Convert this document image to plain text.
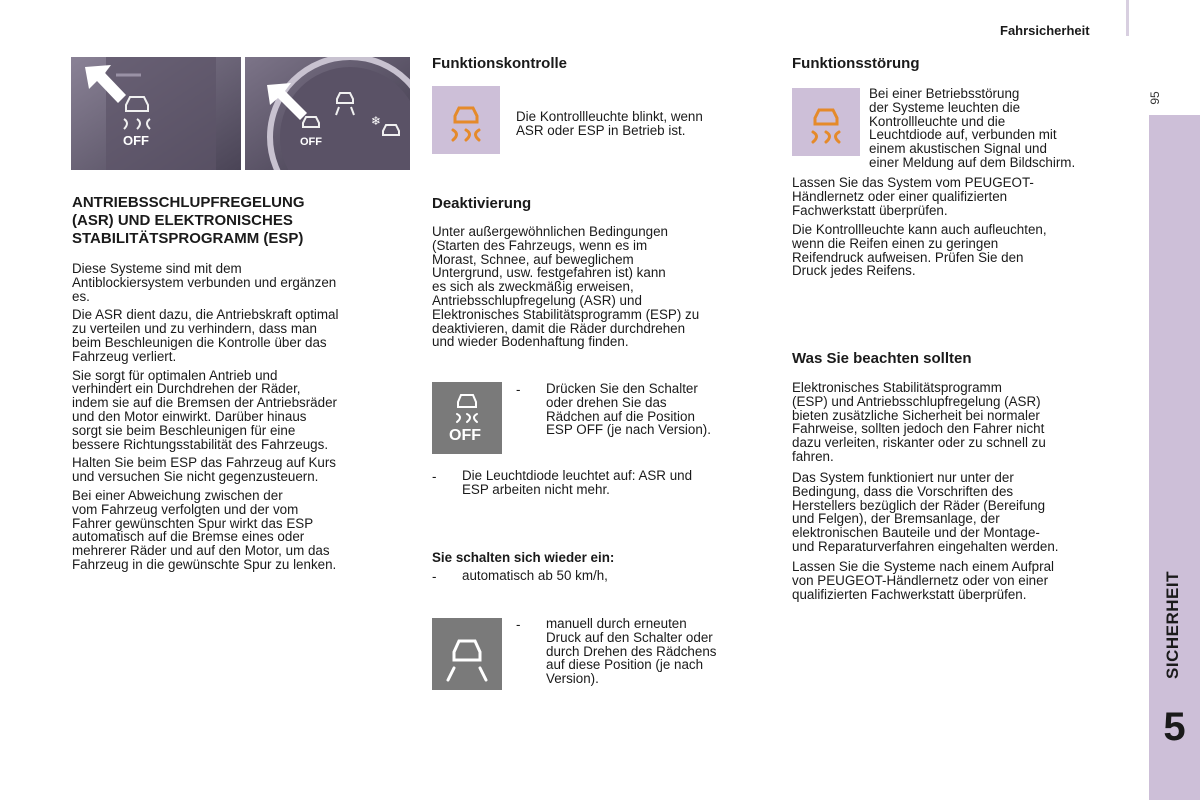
Fahrsicherheit
95
SICHERHEIT
5
OFF	OFF
❄
ANTRIEBSSCHLUPFREGELUNG
(ASR) UND ELEKTRONISCHES
STABILITÄTSPROGRAMM (ESP)
Diese Systeme sind mit dem
Antiblockiersystem verbunden und ergänzen
es.
Die ASR dient dazu, die Antriebskraft optimal
zu verteilen und zu verhindern, dass man
beim Beschleunigen die Kontrolle über das
Fahrzeug verliert.
Sie sorgt für optimalen Antrieb und
verhindert ein Durchdrehen der Räder,
indem sie auf die Bremsen der Antriebsräder
und den Motor einwirkt. Darüber hinaus
sorgt sie beim Beschleunigen für eine
bessere Richtungsstabilität des Fahrzeugs.
Halten Sie beim ESP das Fahrzeug auf Kurs
und versuchen Sie nicht gegenzusteuern.
Bei einer Abweichung zwischen der
vom Fahrzeug verfolgten und der vom
Fahrer gewünschten Spur wirkt das ESP
automatisch auf die Bremse eines oder
mehrerer Räder und auf den Motor, um das
Fahrzeug in die gewünschte Spur zu lenken.
Funktionskontrolle
Die Kontrollleuchte blinkt, wenn
ASR oder ESP in Betrieb ist.
Deaktivierung
Unter außergewöhnlichen Bedingungen
(Starten des Fahrzeugs, wenn es im
Morast, Schnee, auf beweglichem
Untergrund, usw. festgefahren ist) kann
es sich als zweckmäßig erweisen,
Antriebsschlupfregelung (ASR) und
Elektronisches Stabilitätsprogramm (ESP) zu
deaktivieren, damit die Räder durchdrehen
und wieder Bodenhaftung finden.
OFF
- Drücken Sie den Schalter
oder drehen Sie das
Rädchen auf die Position
ESP OFF (je nach Version).
- Die Leuchtdiode leuchtet auf: ASR und
ESP arbeiten nicht mehr.
Sie schalten sich wieder ein:
- automatisch ab 50 km/h,
- manuell durch erneuten
Druck auf den Schalter oder
durch Drehen des Rädchens
auf diese Position (je nach
Version).
Funktionsstörung
Bei einer Betriebsstörung
der Systeme leuchten die
Kontrollleuchte und die
Leuchtdiode auf, verbunden mit
einem akustischen Signal und
einer Meldung auf dem Bildschirm.
Lassen Sie das System vom PEUGEOT-
Händlernetz oder einer qualifizierten
Fachwerkstatt überprüfen.
Die Kontrollleuchte kann auch aufleuchten,
wenn die Reifen einen zu geringen
Reifendruck aufweisen. Prüfen Sie den
Druck jedes Reifens.
Was Sie beachten sollten
Elektronisches Stabilitätsprogramm
(ESP) und Antriebsschlupfregelung (ASR)
bieten zusätzliche Sicherheit bei normaler
Fahrweise, sollten jedoch den Fahrer nicht
dazu verleiten, riskanter oder zu schnell zu
fahren.
Das System funktioniert nur unter der
Bedingung, dass die Vorschriften des
Herstellers bezüglich der Räder (Bereifung
und Felgen), der Bremsanlage, der
elektronischen Bauteile und der Montage-
und Reparaturverfahren eingehalten werden.
Lassen Sie die Systeme nach einem Aufpral
von PEUGEOT-Händlernetz oder von einer
qualifizierten Fachwerkstatt überprüfen.
